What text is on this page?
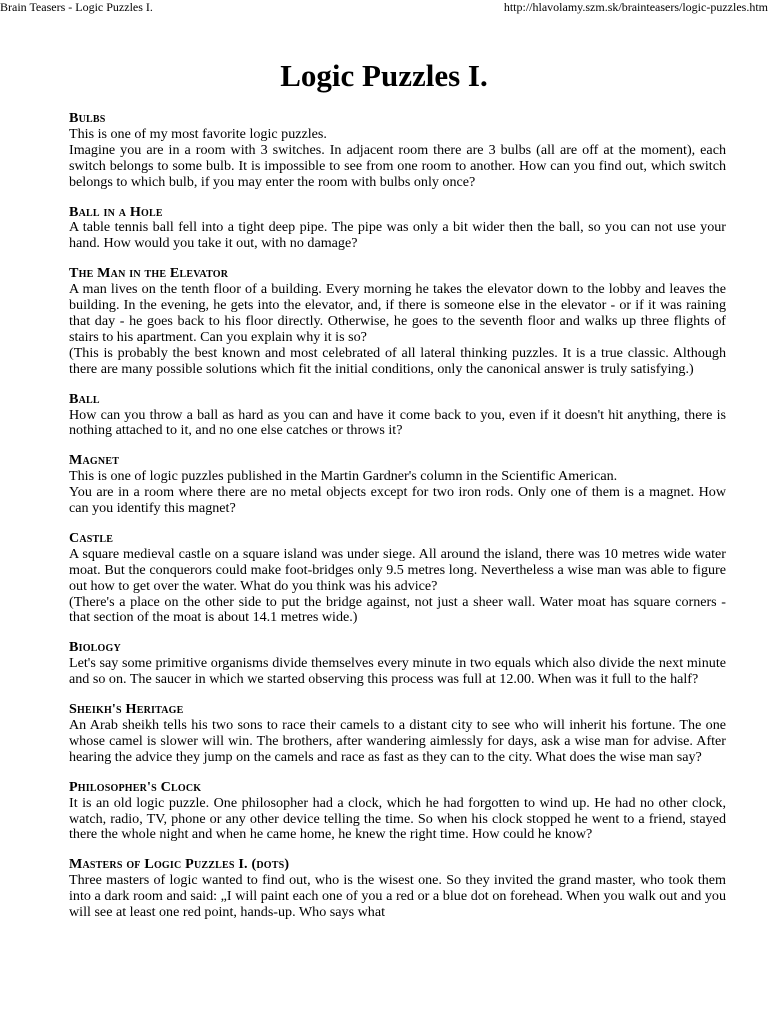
Brain Teasers - Logic Puzzles I.	http://hlavolamy.szm.sk/brainteasers/logic-puzzles.htm
Logic Puzzles I.
Bulbs

This is one of my most favorite logic puzzles.

Imagine you are in a room with 3 switches. In adjacent room there are 3 bulbs (all are off at the moment), each switch belongs to some bulb. It is impossible to see from one room to another. How can you find out, which switch belongs to which bulb, if you may enter the room with bulbs only once?

Ball in a Hole

A table tennis ball fell into a tight deep pipe. The pipe was only a bit wider then the ball, so you can not use your hand. How would you take it out, with no damage?

The Man in the Elevator

A man lives on the tenth floor of a building. Every morning he takes the elevator down to the lobby and leaves the building. In the evening, he gets into the elevator, and, if there is someone else in the elevator - or if it was raining that day - he goes back to his floor directly. Otherwise, he goes to the seventh floor and walks up three flights of stairs to his apartment. Can you explain why it is so?

(This is probably the best known and most celebrated of all lateral thinking puzzles. It is a true classic. Although there are many possible solutions which fit the initial conditions, only the canonical answer is truly satisfying.)

Ball

How can you throw a ball as hard as you can and have it come back to you, even if it doesn't hit anything, there is nothing attached to it, and no one else catches or throws it?

Magnet

This is one of logic puzzles published in the Martin Gardner's column in the Scientific American.

You are in a room where there are no metal objects except for two iron rods. Only one of them is a magnet. How can you identify this magnet?

Castle

A square medieval castle on a square island was under siege. All around the island, there was 10 metres wide water moat. But the conquerors could make foot-bridges only 9.5 metres long. Nevertheless a wise man was able to figure out how to get over the water. What do you think was his advice?

(There's a place on the other side to put the bridge against, not just a sheer wall. Water moat has square corners - that section of the moat is about 14.1 metres wide.)

Biology

Let's say some primitive organisms divide themselves every minute in two equals which also divide the next minute and so on. The saucer in which we started observing this process was full at 12.00. When was it full to the half?

Sheikh's Heritage

An Arab sheikh tells his two sons to race their camels to a distant city to see who will inherit his fortune. The one whose camel is slower will win. The brothers, after wandering aimlessly for days, ask a wise man for advise. After hearing the advice they jump on the camels and race as fast as they can to the city. What does the wise man say?

Philosopher's Clock

It is an old logic puzzle. One philosopher had a clock, which he had forgotten to wind up. He had no other clock, watch, radio, TV, phone or any other device telling the time. So when his clock stopped he went to a friend, stayed there the whole night and when he came home, he knew the right time. How could he know?

Masters of Logic Puzzles I. (dots)

Three masters of logic wanted to find out, who is the wisest one. So they invited the grand master, who took them into a dark room and said: „I will paint each one of you a red or a blue dot on forehead. When you walk out and you will see at least one red point, hands-up. Who says what
